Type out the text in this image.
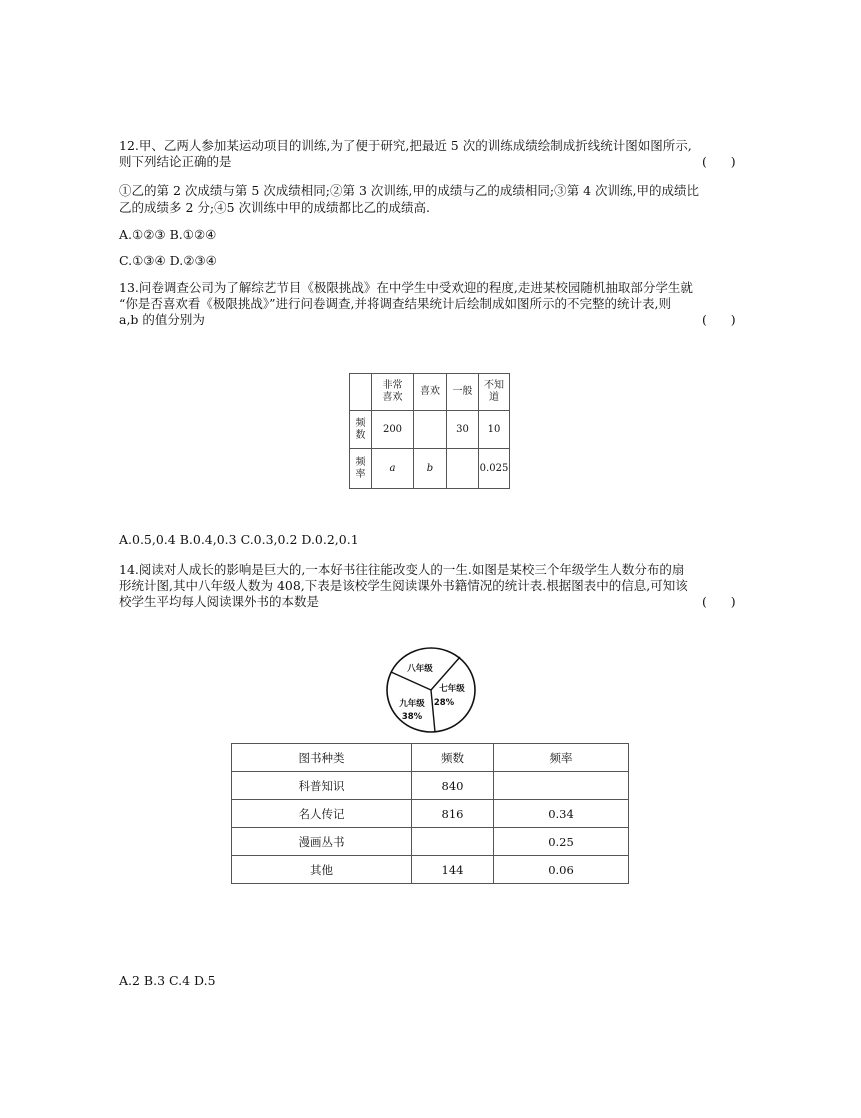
12.甲、乙两人参加某运动项目的训练,为了便于研究,把最近 5 次的训练成绩绘制成折线统计图如图所示,
则下列结论正确的是	(      )
①乙的第 2 次成绩与第 5 次成绩相同;②第 3 次训练,甲的成绩与乙的成绩相同;③第 4 次训练,甲的成绩比
乙的成绩多 2 分;④5 次训练中甲的成绩都比乙的成绩高.
A.①②③ B.①②④
C.①③④ D.②③④
13.问卷调查公司为了解综艺节目《极限挑战》在中学生中受欢迎的程度,走进某校园随机抽取部分学生就
“你是否喜欢看《极限挑战》”进行问卷调查,并将调查结果统计后绘制成如图所示的不完整的统计表,则
a,b 的值分别为	(      )
	非常
喜欢	喜欢	一般	不知
道
频
数	200		30	10
频
率	a	b		0.025
A.0.5,0.4 B.0.4,0.3 C.0.3,0.2 D.0.2,0.1
14.阅读对人成长的影响是巨大的,一本好书往往能改变人的一生.如图是某校三个年级学生人数分布的扇
形统计图,其中八年级人数为 408,下表是该校学生阅读课外书籍情况的统计表.根据图表中的信息,可知该
校学生平均每人阅读课外书的本数是	(      )
八年级
七年级
28%
九年级
38%
图书种类	频数	频率
科普知识	840	
名人传记	816	0.34
漫画丛书		0.25
其他	144	0.06
A.2 B.3 C.4 D.5
